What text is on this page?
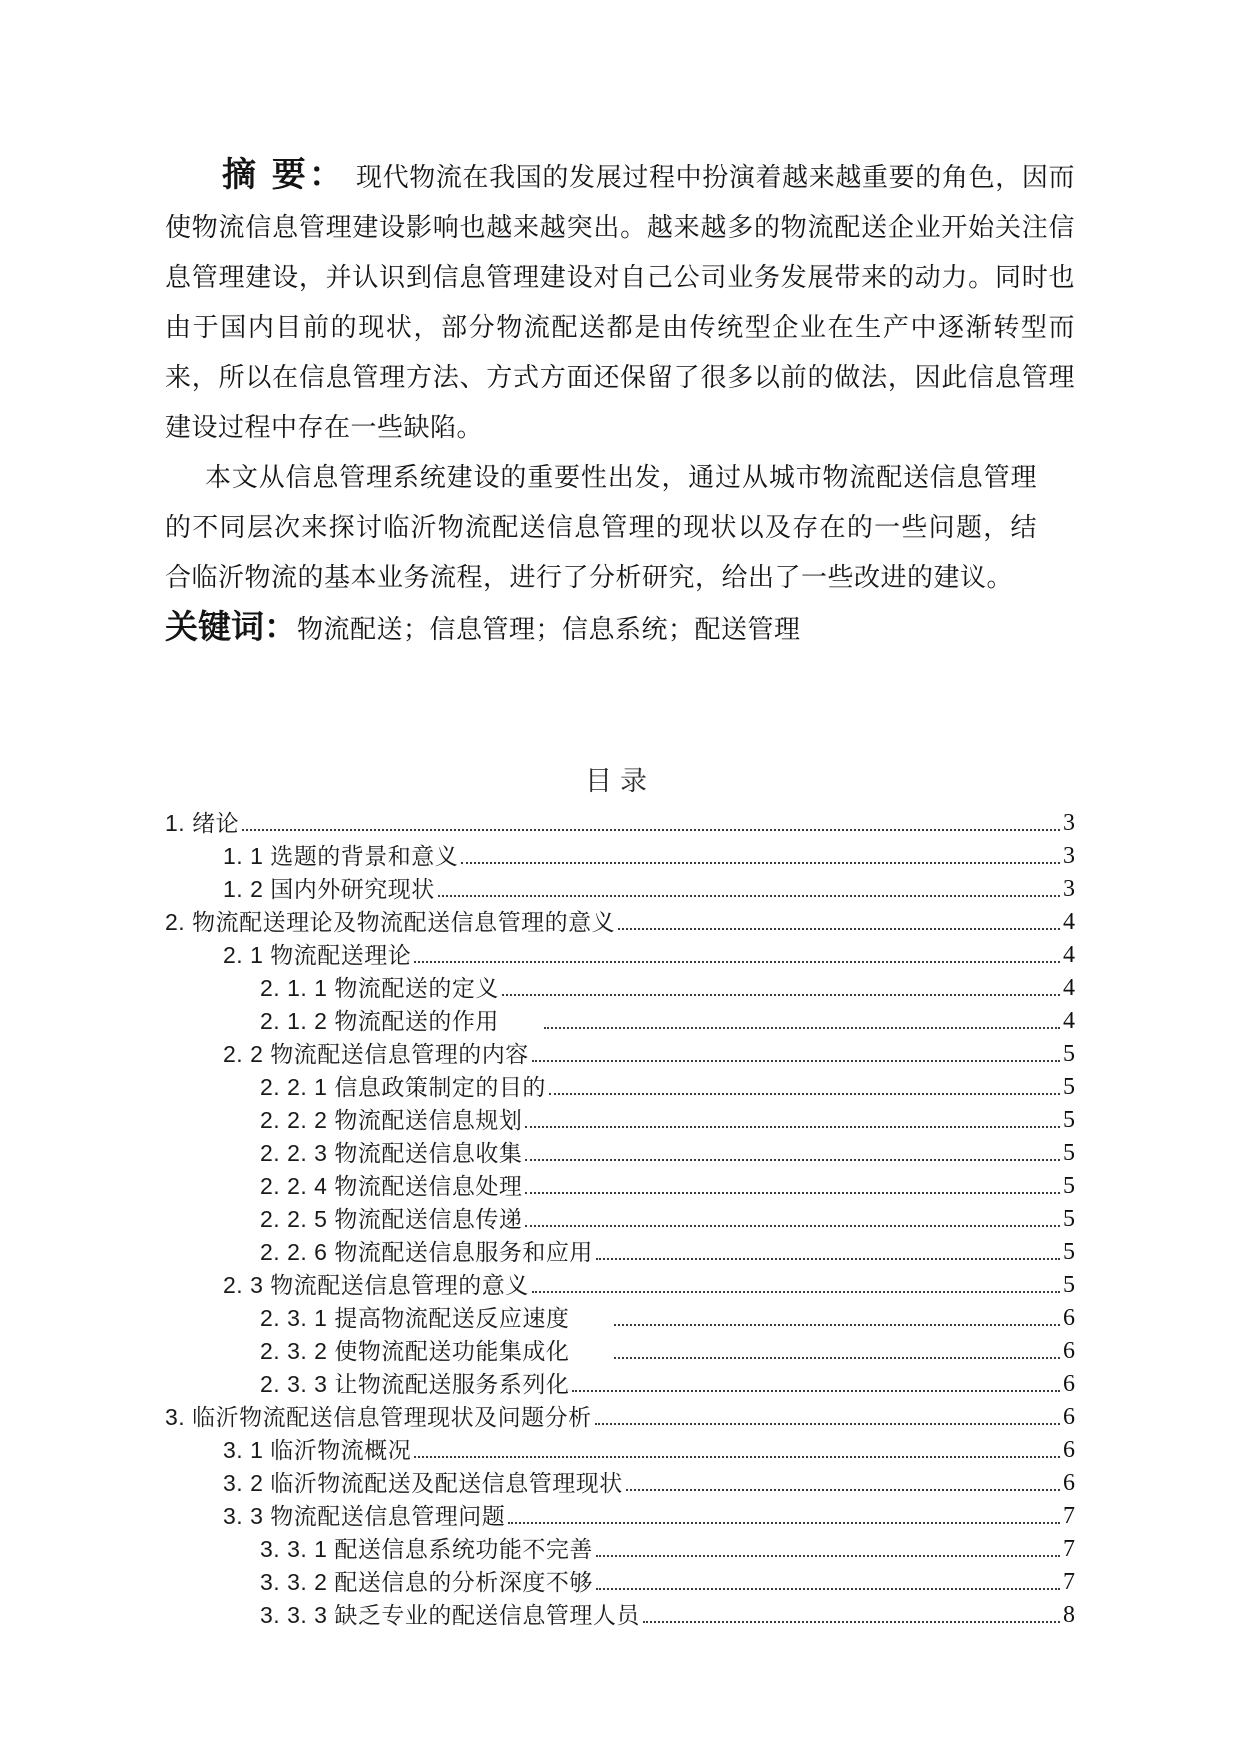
摘 要： 现代物流在我国的发展过程中扮演着越来越重要的角色，因而使物流信息管理建设影响也越来越突出。越来越多的物流配送企业开始关注信息管理建设，并认识到信息管理建设对自己公司业务发展带来的动力。同时也由于国内目前的现状，部分物流配送都是由传统型企业在生产中逐渐转型而来，所以在信息管理方法、方式方面还保留了很多以前的做法，因此信息管理建设过程中存在一些缺陷。

本文从信息管理系统建设的重要性出发，通过从城市物流配送信息管理的不同层次来探讨临沂物流配送信息管理的现状以及存在的一些问题，结合临沂物流的基本业务流程，进行了分析研究，给出了一些改进的建议。

关键词：物流配送；信息管理；信息系统；配送管理
目录
1. 绪论	3
1. 1 选题的背景和意义	3
1. 2 国内外研究现状	3
2. 物流配送理论及物流配送信息管理的意义	4
2. 1 物流配送理论	4
2. 1. 1 物流配送的定义	4
2. 1. 2 物流配送的作用	4
2. 2 物流配送信息管理的内容	5
2. 2. 1 信息政策制定的目的	5
2. 2. 2 物流配送信息规划	5
2. 2. 3 物流配送信息收集	5
2. 2. 4 物流配送信息处理	5
2. 2. 5 物流配送信息传递	5
2. 2. 6 物流配送信息服务和应用	5
2. 3 物流配送信息管理的意义	5
2. 3. 1 提高物流配送反应速度	6
2. 3. 2 使物流配送功能集成化	6
2. 3. 3 让物流配送服务系列化	6
3. 临沂物流配送信息管理现状及问题分析	6
3. 1 临沂物流概况	6
3. 2 临沂物流配送及配送信息管理现状	6
3. 3 物流配送信息管理问题	7
3. 3. 1 配送信息系统功能不完善	7
3. 3. 2 配送信息的分析深度不够	7
3. 3. 3 缺乏专业的配送信息管理人员	8
